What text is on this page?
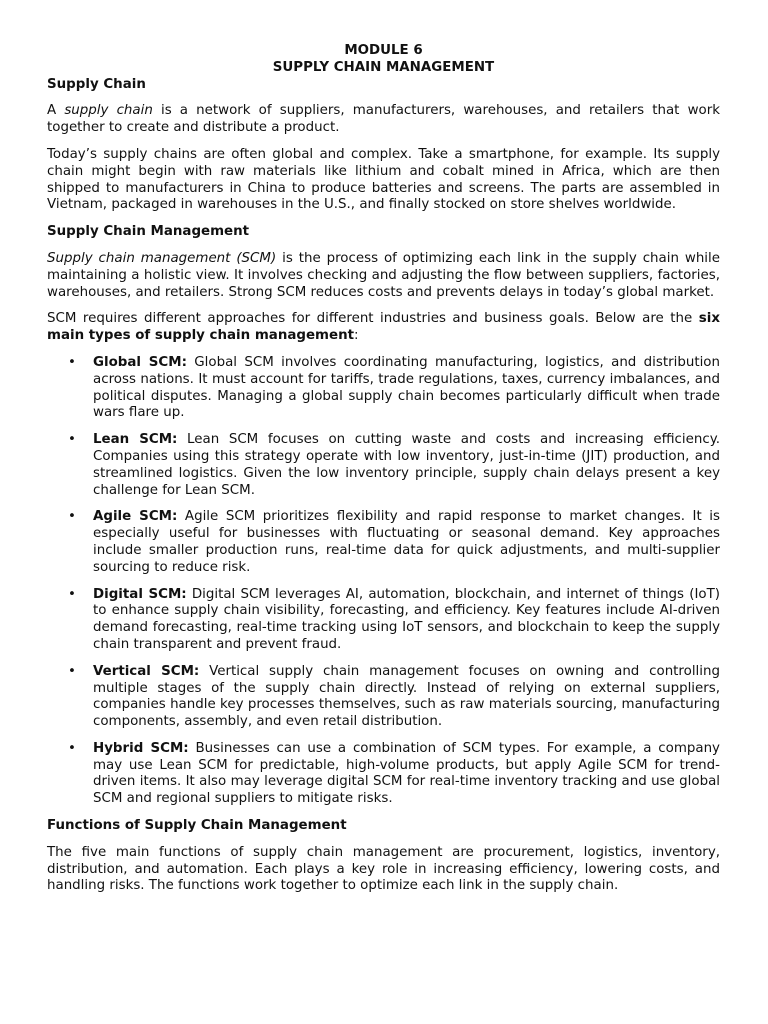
MODULE 6
SUPPLY CHAIN MANAGEMENT
Supply Chain

A supply chain is a network of suppliers, manufacturers, warehouses, and retailers that work together to create and distribute a product.

Today’s supply chains are often global and complex. Take a smartphone, for example. Its supply chain might begin with raw materials like lithium and cobalt mined in Africa, which are then shipped to manufacturers in China to produce batteries and screens. The parts are assembled in Vietnam, packaged in warehouses in the U.S., and finally stocked on store shelves worldwide.

Supply Chain Management

Supply chain management (SCM) is the process of optimizing each link in the supply chain while maintaining a holistic view. It involves checking and adjusting the flow between suppliers, factories, warehouses, and retailers. Strong SCM reduces costs and prevents delays in today’s global market.

SCM requires different approaches for different industries and business goals. Below are the six main types of supply chain management:

• Global SCM: Global SCM involves coordinating manufacturing, logistics, and distribution across nations. It must account for tariffs, trade regulations, taxes, currency imbalances, and political disputes. Managing a global supply chain becomes particularly difficult when trade wars flare up.
• Lean SCM: Lean SCM focuses on cutting waste and costs and increasing efficiency. Companies using this strategy operate with low inventory, just-in-time (JIT) production, and streamlined logistics. Given the low inventory principle, supply chain delays present a key challenge for Lean SCM.
• Agile SCM: Agile SCM prioritizes flexibility and rapid response to market changes. It is especially useful for businesses with fluctuating or seasonal demand. Key approaches include smaller production runs, real-time data for quick adjustments, and multi-supplier sourcing to reduce risk.
• Digital SCM: Digital SCM leverages AI, automation, blockchain, and internet of things (IoT) to enhance supply chain visibility, forecasting, and efficiency. Key features include AI-driven demand forecasting, real-time tracking using IoT sensors, and blockchain to keep the supply chain transparent and prevent fraud.
• Vertical SCM: Vertical supply chain management focuses on owning and controlling multiple stages of the supply chain directly. Instead of relying on external suppliers, companies handle key processes themselves, such as raw materials sourcing, manufacturing components, assembly, and even retail distribution.
• Hybrid SCM: Businesses can use a combination of SCM types. For example, a company may use Lean SCM for predictable, high-volume products, but apply Agile SCM for trend-driven items. It also may leverage digital SCM for real-time inventory tracking and use global SCM and regional suppliers to mitigate risks.
Functions of Supply Chain Management

The five main functions of supply chain management are procurement, logistics, inventory, distribution, and automation. Each plays a key role in increasing efficiency, lowering costs, and handling risks. The functions work together to optimize each link in the supply chain.
